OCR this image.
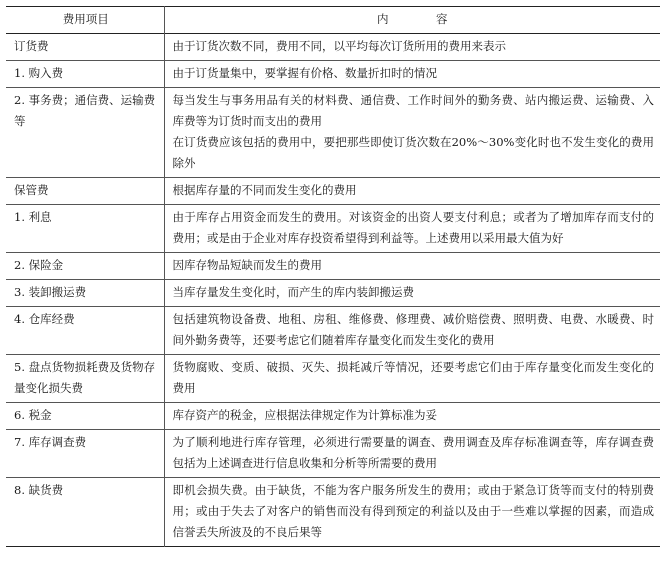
费用项目	内　容
订货费	由于订货次数不同，费用不同，以平均每次订货所用的费用来表示

1. 购入费	由于订货量集中，要掌握有价格、数量折扣时的情况

2. 事务费；通信费、运输费等	每当发生与事务用品有关的材料费、通信费、工作时间外的勤务费、站内搬运费、运输费、入库费等为订货时而支出的费用

在订货费应该包括的费用中，要把那些即使订货次数在20%～30%变化时也不发生变化的费用除外

保管费	根据库存量的不同而发生变化的费用

1. 利息	由于库存占用资金而发生的费用。对该资金的出资人要支付利息；或者为了增加库存而支付的费用；或是由于企业对库存投资希望得到利益等。上述费用以采用最大值为好

2. 保险金	因库存物品短缺而发生的费用

3. 装卸搬运费	当库存量发生变化时，而产生的库内装卸搬运费

4. 仓库经费	包括建筑物设备费、地租、房租、维修费、修理费、减价赔偿费、照明费、电费、水暖费、时间外勤务费等，还要考虑它们随着库存量变化而发生变化的费用

5. 盘点货物损耗费及货物存量变化损失费	货物腐败、变质、破损、灭失、损耗减斤等情况，还要考虑它们由于库存量变化而发生变化的费用

6. 税金	库存资产的税金，应根据法律规定作为计算标准为妥

7. 库存调查费	为了顺利地进行库存管理，必须进行需要量的调查、费用调查及库存标准调查等，库存调查费包括为上述调查进行信息收集和分析等所需要的费用

8. 缺货费	即机会损失费。由于缺货，不能为客户服务所发生的费用；或由于紧急订货等而支付的特别费用；或由于失去了对客户的销售而没有得到预定的利益以及由于一些难以掌握的因素，而造成信誉丢失所波及的不良后果等
